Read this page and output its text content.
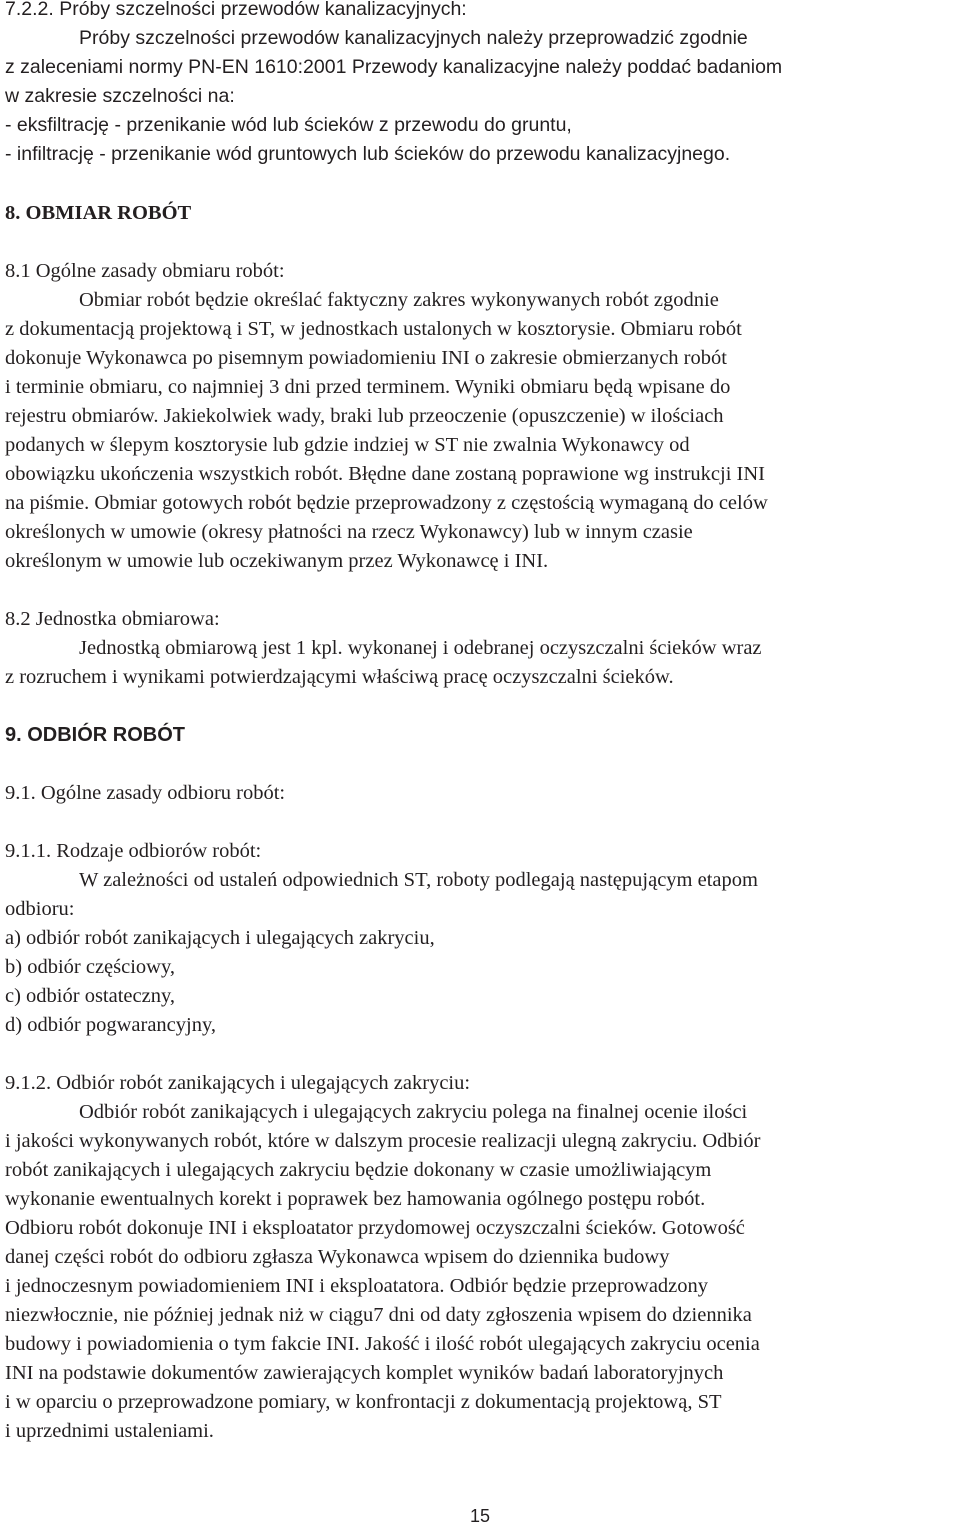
7.2.2. Próby szczelności przewodów kanalizacyjnych:
Próby szczelności przewodów kanalizacyjnych należy przeprowadzić zgodnie
z zaleceniami normy PN-EN 1610:2001 Przewody kanalizacyjne należy poddać badaniom
w zakresie szczelności na:
- eksfiltrację - przenikanie wód lub ścieków z przewodu do gruntu,
- infiltrację - przenikanie wód gruntowych lub ścieków do przewodu kanalizacyjnego.
8. OBMIAR ROBÓT
8.1 Ogólne zasady obmiaru robót:
Obmiar robót będzie określać faktyczny zakres wykonywanych robót zgodnie
z dokumentacją projektową i ST, w jednostkach ustalonych w kosztorysie. Obmiaru robót
dokonuje Wykonawca po pisemnym powiadomieniu INI o zakresie obmierzanych robót
i terminie obmiaru, co najmniej 3 dni przed terminem. Wyniki obmiaru będą wpisane do
rejestru obmiarów. Jakiekolwiek wady, braki lub przeoczenie (opuszczenie) w ilościach
podanych w ślepym kosztorysie lub gdzie indziej w ST nie zwalnia Wykonawcy od
obowiązku ukończenia wszystkich robót. Błędne dane zostaną poprawione wg instrukcji INI
na piśmie. Obmiar gotowych robót będzie przeprowadzony z częstością wymaganą do celów
określonych w umowie (okresy płatności na rzecz Wykonawcy) lub w innym czasie
określonym w umowie lub oczekiwanym przez Wykonawcę i INI.
8.2 Jednostka obmiarowa:
Jednostką obmiarową jest 1 kpl. wykonanej i odebranej oczyszczalni ścieków wraz
z rozruchem i wynikami potwierdzającymi właściwą pracę oczyszczalni ścieków.
9. ODBIÓR ROBÓT
9.1. Ogólne zasady odbioru robót:
9.1.1. Rodzaje odbiorów robót:
W zależności od ustaleń odpowiednich ST, roboty podlegają następującym etapom
odbioru:
a) odbiór robót zanikających i ulegających zakryciu,
b) odbiór częściowy,
c) odbiór ostateczny,
d) odbiór pogwarancyjny,
9.1.2. Odbiór robót zanikających i ulegających zakryciu:
Odbiór robót zanikających i ulegających zakryciu polega na finalnej ocenie ilości
i jakości wykonywanych robót, które w dalszym procesie realizacji ulegną zakryciu. Odbiór
robót zanikających i ulegających zakryciu będzie dokonany w czasie umożliwiającym
wykonanie ewentualnych korekt i poprawek bez hamowania ogólnego postępu robót.
Odbioru robót dokonuje INI i eksploatator przydomowej oczyszczalni ścieków. Gotowość
danej części robót do odbioru zgłasza Wykonawca wpisem do dziennika budowy
i jednoczesnym powiadomieniem INI i eksploatatora. Odbiór będzie przeprowadzony
niezwłocznie, nie później jednak niż w ciągu7 dni od daty zgłoszenia wpisem do dziennika
budowy i powiadomienia o tym fakcie INI. Jakość i ilość robót ulegających zakryciu ocenia
INI na podstawie dokumentów zawierających komplet wyników badań laboratoryjnych
i w oparciu o przeprowadzone pomiary, w konfrontacji z dokumentacją projektową, ST
i uprzednimi ustaleniami.
15
